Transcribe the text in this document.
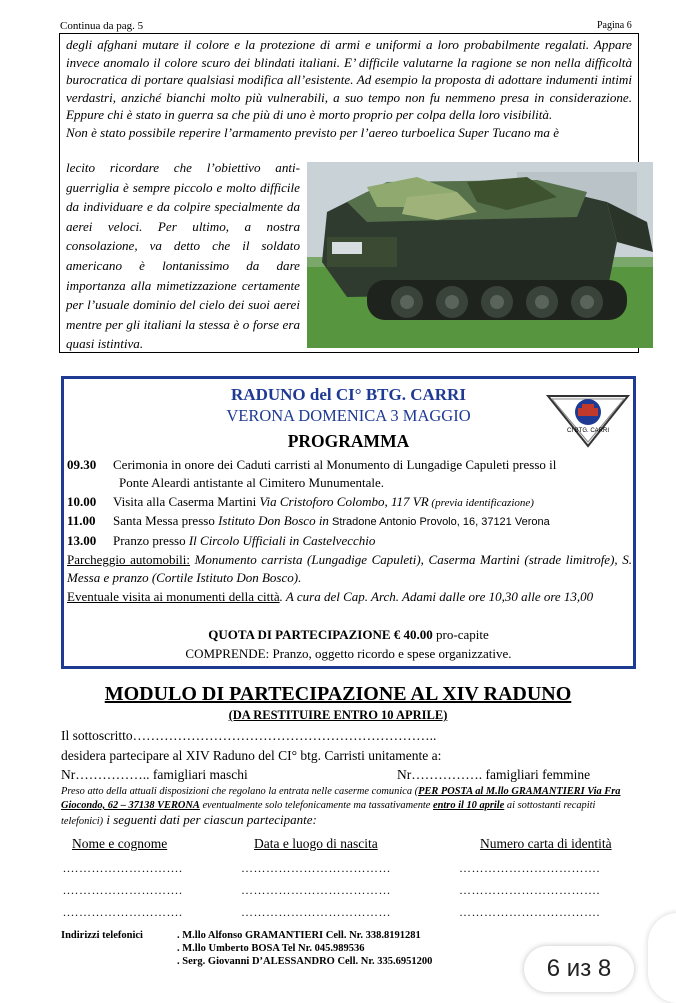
Continua da pag. 5	Pagina 6

degli afghani mutare il colore e la protezione di armi e uniformi a loro probabilmente regalati. Appare invece anomalo il colore scuro dei blindati italiani. E’ difficile valutarne la ragione se non nella difficoltà burocratica di portare qualsiasi modifica all’esistente. Ad esempio la proposta di adottare indumenti intimi verdastri, anziché bianchi molto più vulnerabili, a suo tempo non fu nemmeno presa in considerazione. Eppure chi è stato in guerra sa che più di uno è morto proprio per colpa della loro visibilità.

Non è stato possibile reperire l’armamento previsto per l’aereo turboelica Super Tucano ma è

lecito ricordare che l’obiettivo anti-guerriglia è sempre piccolo e molto difficile da individuare e da colpire specialmente da aerei veloci. Per ultimo, a nostra consolazione, va detto che il soldato americano è lontanissimo da dare importanza alla mimetizzazione certamente per l’usuale dominio del cielo dei suoi aerei mentre per gli italiani la stessa è o forse era quasi istintiva.
RADUNO del CI° BTG. CARRI
VERONA DOMENICA 3 MAGGIO
PROGRAMMA	CI BTG. CARRI
09.30	Cerimonia in onore dei Caduti carristi al Monumento di Lungadige Capuleti presso il
Ponte Aleardi antistante al Cimitero Munumentale.
10.00	Visita alla Caserma Martini Via Cristoforo Colombo, 117 VR (previa identificazione)
11.00	Santa Messa presso Istituto Don Bosco in Stradone Antonio Provolo, 16, 37121 Verona
13.00	Pranzo presso Il Circolo Ufficiali in Castelvecchio
Parcheggio automobili: Monumento carrista (Lungadige Capuleti), Caserma Martini (strade limitrofe), S. Messa e pranzo (Cortile Istituto Don Bosco).
Eventuale visita ai monumenti della città. A cura del Cap. Arch. Adami dalle ore 10,30 alle ore 13,00
QUOTA DI PARTECIPAZIONE € 40.00 pro-capite
COMPRENDE: Pranzo, oggetto ricordo e spese organizzative.
MODULO DI PARTECIPAZIONE AL XIV RADUNO
(DA RESTITUIRE ENTRO 10 APRILE)
Il sottoscritto…………………………………………………………..
desidera partecipare al XIV Raduno del CI° btg. Carristi unitamente a:
Nr…………….. famigliari maschi	Nr……………. famigliari femmine
Preso atto della attuali disposizioni che regolano la entrata nelle caserme comunica (PER POSTA al M.llo GRAMANTIERI Via Fra Giocondo, 62 – 37138 VERONA eventualmente solo telefonicamente ma tassativamente entro il 10 aprile ai sottostanti recapiti telefonici) i seguenti dati per ciascun partecipante:
Nome e cognome	Data e luogo di nascita	Numero carta di identità
.……………………….	………………………………	…………………………….
.……………………….	………………………………	…………………………….
.……………………….	………………………………	…………………………….
Indirizzi telefonici	. M.llo Alfonso GRAMANTIERI Cell. Nr. 338.8191281
. M.llo Umberto BOSA Tel Nr. 045.989536
. Serg. Giovanni D’ALESSANDRO Cell. Nr. 335.6951200	6 из 8
